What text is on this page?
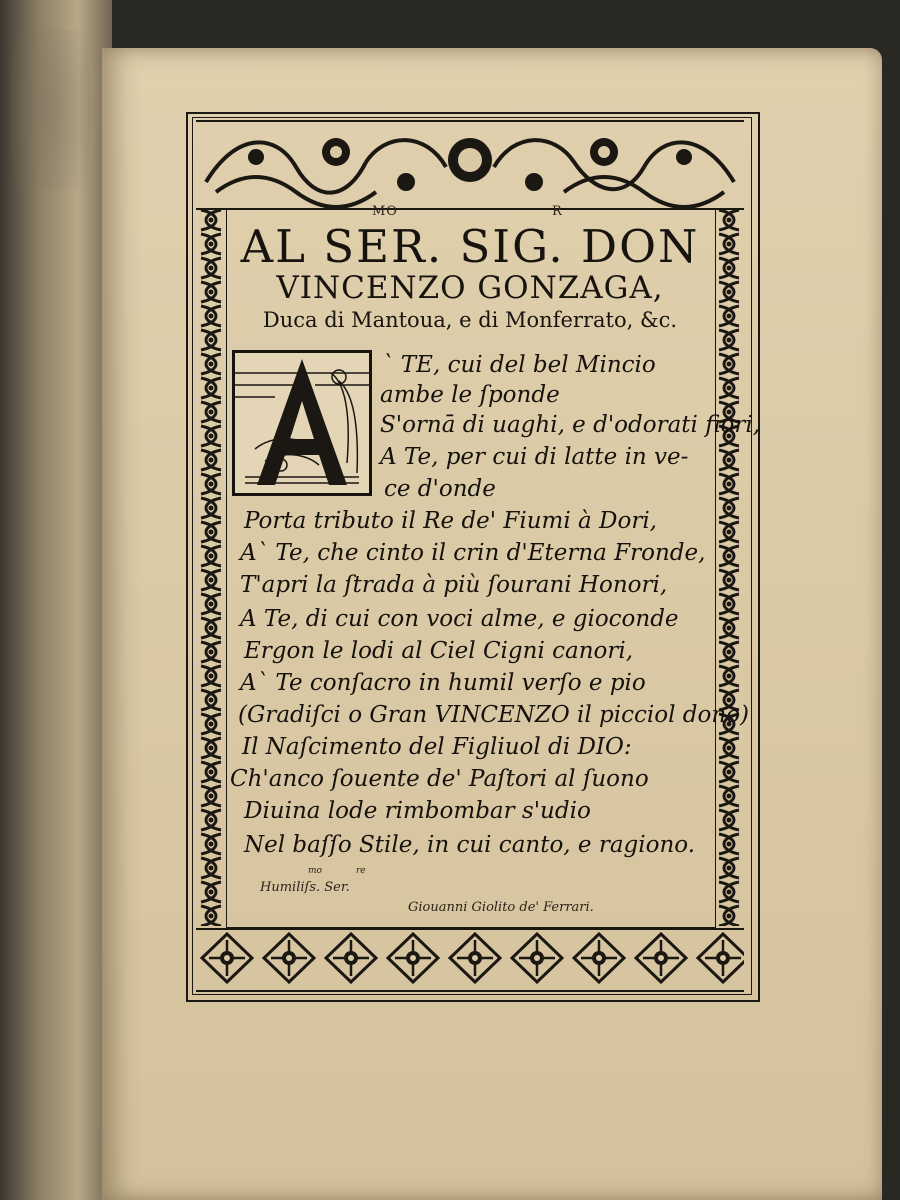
MO	R
AL SER. SIG. DON
VINCENZO GONZAGA,
Duca di Mantoua, e di Monferrato, &c.
` TE, cui del bel Mincio
ambe le ſponde
S'ornā di uaghi, e d'odorati fiori,
A Te, per cui di latte in ve-
ce d'onde
Porta tributo il Re de' Fiumi à Dori,
A` Te, che cinto il crin d'Eterna Fronde,
T'apri la ſtrada à più ſourani Honori,
A Te, di cui con voci alme, e gioconde
Ergon le lodi al Ciel Cigni canori,
A` Te conſacro in humil verſo e pio
(Gradiſci o Gran VINCENZO il picciol dono)
Il Naſcimento del Figliuol di DIO:
Ch'anco ſouente de' Paſtori al ſuono
Diuina lode rimbombar s'udio
Nel baſſo Stile, in cui canto, e ragiono.
mo	re
Humiliſs. Ser.
Giouanni Giolito de' Ferrari.
